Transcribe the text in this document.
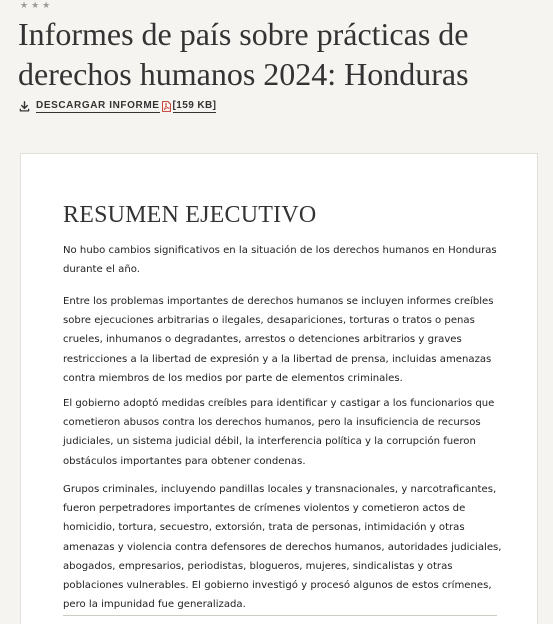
★★★
Informes de país sobre prácticas de derechos humanos 2024: Honduras
DESCARGAR INFORME [159 KB]
RESUMEN EJECUTIVO

No hubo cambios significativos en la situación de los derechos humanos en Honduras durante el año.

Entre los problemas importantes de derechos humanos se incluyen informes creíbles sobre ejecuciones arbitrarias o ilegales, desapariciones, torturas o tratos o penas crueles, inhumanos o degradantes, arrestos o detenciones arbitrarios y graves restricciones a la libertad de expresión y a la libertad de prensa, incluidas amenazas contra miembros de los medios por parte de elementos criminales.

El gobierno adoptó medidas creíbles para identificar y castigar a los funcionarios que cometieron abusos contra los derechos humanos, pero la insuficiencia de recursos judiciales, un sistema judicial débil, la interferencia política y la corrupción fueron obstáculos importantes para obtener condenas.

Grupos criminales, incluyendo pandillas locales y transnacionales, y narcotraficantes, fueron perpetradores importantes de crímenes violentos y cometieron actos de homicidio, tortura, secuestro, extorsión, trata de personas, intimidación y otras amenazas y violencia contra defensores de derechos humanos, autoridades judiciales, abogados, empresarios, periodistas, blogueros, mujeres, sindicalistas y otras poblaciones vulnerables. El gobierno investigó y procesó algunos de estos crímenes, pero la impunidad fue generalizada.
